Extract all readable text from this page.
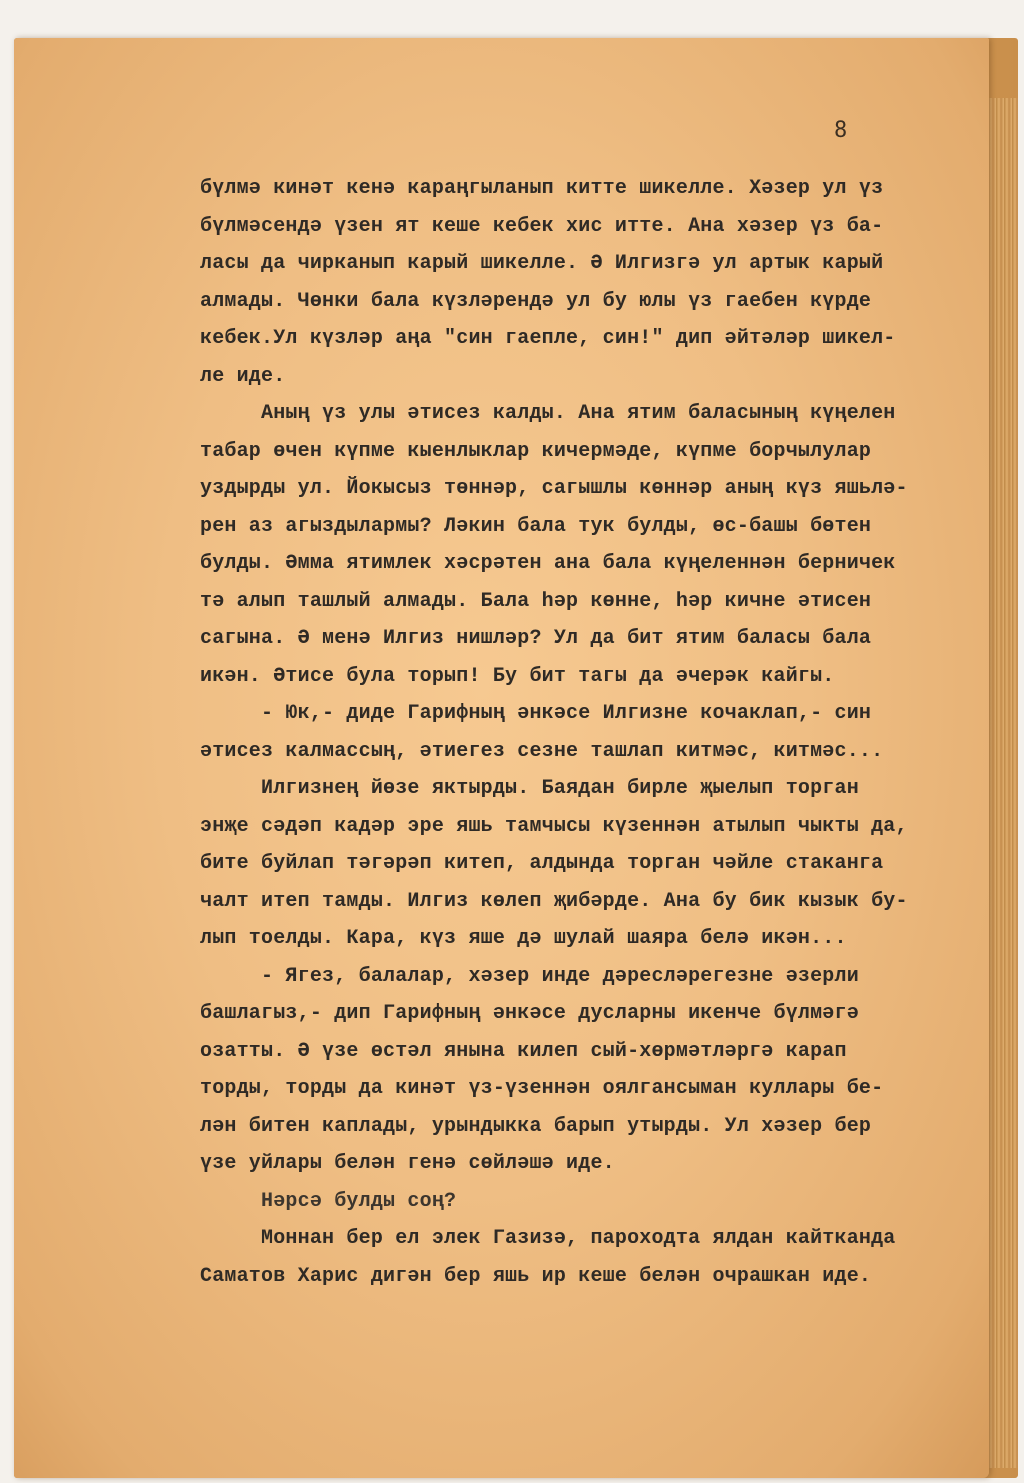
8
бүлмә кинәт кенә караңгыланып китте шикелле. Хәзер ул үз
бүлмәсендә үзен ят кеше кебек хис итте. Ана хәзер үз ба-
ласы да чирканып карый шикелле. Ә Илгизгә ул артык карый
алмады. Чөнки бала күзләрендә ул бу юлы үз гаебен күрде
кебек.Ул күзләр аңа "син гаепле, син!" дип әйтәләр шикел-
ле иде.
Аның үз улы әтисез калды. Ана ятим баласының күңелен
табар өчен күпме кыенлыклар кичермәде, күпме борчылулар
уздырды ул. Йокысыз төннәр, сагышлы көннәр аның күз яшьлә-
рен аз агыздылармы? Ләкин бала тук булды, өс-башы бөтен
булды. Әмма ятимлек хәсрәтен ана бала күңеленнән берничек
тә алып ташлый алмады. Бала һәр көнне, һәр кичне әтисен
сагына. Ә менә Илгиз нишләр? Ул да бит ятим баласы бала
икән. Әтисе була торып! Бу бит тагы да әчерәк кайгы.
- Юк,- диде Гарифның әнкәсе Илгизне кочаклап,- син
әтисез калмассың, әтиегез сезне ташлап китмәс, китмәс...
Илгизнең йөзе яктырды. Баядан бирле җыелып торган
энҗе сәдәп кадәр эре яшь тамчысы күзеннән атылып чыкты да,
бите буйлап тәгәрәп китеп, алдында торган чәйле стаканга
чалт итеп тамды. Илгиз көлеп җибәрде. Ана бу бик кызык бу-
лып тоелды. Кара, күз яше дә шулай шаяра белә икән...
- Ягез, балалар, хәзер инде дәресләрегезне әзерли
башлагыз,- дип Гарифның әнкәсе дусларны икенче бүлмәгә
озатты. Ә үзе өстәл янына килеп сый-хөрмәтләргә карап
торды, торды да кинәт үз-үзеннән оялгансыман куллары бе-
лән битен каплады, урындыкка барып утырды. Ул хәзер бер
үзе уйлары белән генә сөйләшә иде.
Нәрсә булды соң?
Моннан бер ел элек Газизә, пароходта ялдан кайтканда
Саматов Харис дигән бер яшь ир кеше белән очрашкан иде.
